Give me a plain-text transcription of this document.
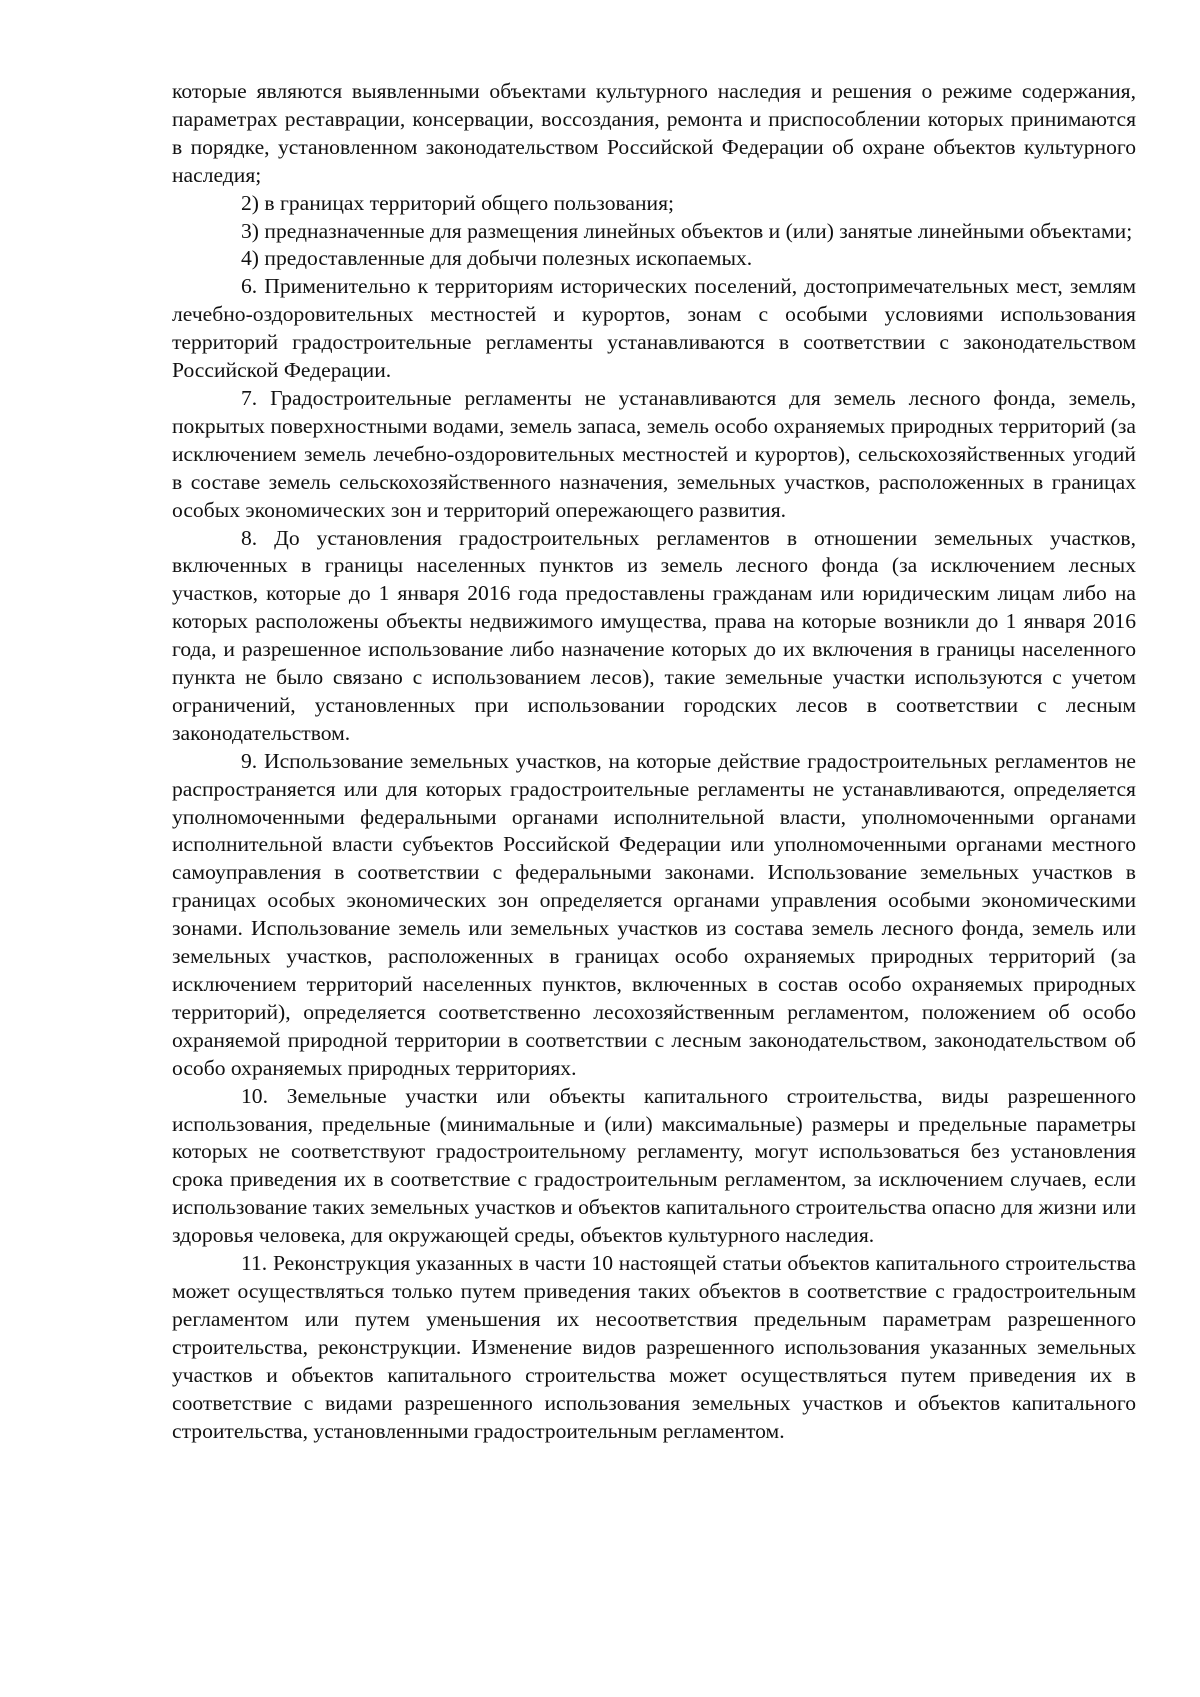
которые являются выявленными объектами культурного наследия и решения о режиме содержания, параметрах реставрации, консервации, воссоздания, ремонта и приспособлении которых принимаются в порядке, установленном законодательством Российской Федерации об охране объектов культурного наследия;

2) в границах территорий общего пользования;

3) предназначенные для размещения линейных объектов и (или) занятые линейными объектами;

4) предоставленные для добычи полезных ископаемых.

6. Применительно к территориям исторических поселений, достопримечательных мест, землям лечебно-оздоровительных местностей и курортов, зонам с особыми условиями использования территорий градостроительные регламенты устанавливаются в соответствии с законодательством Российской Федерации.

7. Градостроительные регламенты не устанавливаются для земель лесного фонда, земель, покрытых поверхностными водами, земель запаса, земель особо охраняемых природных территорий (за исключением земель лечебно-оздоровительных местностей и курортов), сельскохозяйственных угодий в составе земель сельскохозяйственного назначения, земельных участков, расположенных в границах особых экономических зон и территорий опережающего развития.

8. До установления градостроительных регламентов в отношении земельных участков, включенных в границы населенных пунктов из земель лесного фонда (за исключением лесных участков, которые до 1 января 2016 года предоставлены гражданам или юридическим лицам либо на которых расположены объекты недвижимого имущества, права на которые возникли до 1 января 2016 года, и разрешенное использование либо назначение которых до их включения в границы населенного пункта не было связано с использованием лесов), такие земельные участки используются с учетом ограничений, установленных при использовании городских лесов в соответствии с лесным законодательством.

9. Использование земельных участков, на которые действие градостроительных регламентов не распространяется или для которых градостроительные регламенты не устанавливаются, определяется уполномоченными федеральными органами исполнительной власти, уполномоченными органами исполнительной власти субъектов Российской Федерации или уполномоченными органами местного самоуправления в соответствии с федеральными законами. Использование земельных участков в границах особых экономических зон определяется органами управления особыми экономическими зонами. Использование земель или земельных участков из состава земель лесного фонда, земель или земельных участков, расположенных в границах особо охраняемых природных территорий (за исключением территорий населенных пунктов, включенных в состав особо охраняемых природных территорий), определяется соответственно лесохозяйственным регламентом, положением об особо охраняемой природной территории в соответствии с лесным законодательством, законодательством об особо охраняемых природных территориях.

10. Земельные участки или объекты капитального строительства, виды разрешенного использования, предельные (минимальные и (или) максимальные) размеры и предельные параметры которых не соответствуют градостроительному регламенту, могут использоваться без установления срока приведения их в соответствие с градостроительным регламентом, за исключением случаев, если использование таких земельных участков и объектов капитального строительства опасно для жизни или здоровья человека, для окружающей среды, объектов культурного наследия.

11. Реконструкция указанных в части 10 настоящей статьи объектов капитального строительства может осуществляться только путем приведения таких объектов в соответствие с градостроительным регламентом или путем уменьшения их несоответствия предельным параметрам разрешенного строительства, реконструкции. Изменение видов разрешенного использования указанных земельных участков и объектов капитального строительства может осуществляться путем приведения их в соответствие с видами разрешенного использования земельных участков и объектов капитального строительства, установленными градостроительным регламентом.
